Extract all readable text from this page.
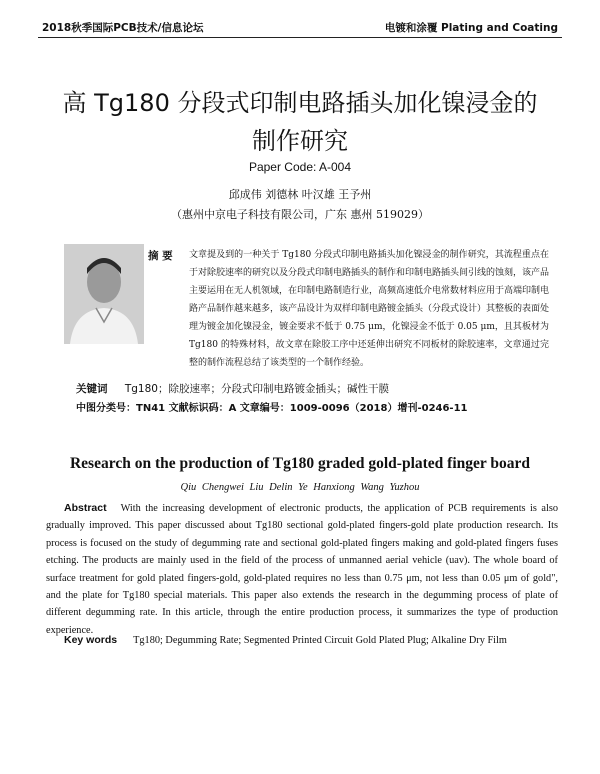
2018秋季国际PCB技术/信息论坛	电镀和涂覆 Plating and Coating
高 Tg180 分段式印制电路插头加化镍浸金的
制作研究
Paper Code: A-004
邱成伟 刘德林 叶汉雄 王予州
（惠州中京电子科技有限公司，广东 惠州 519029）
摘 要 文章提及到的一种关于 Tg180 分段式印制电路插头加化镍浸金的制作研究，其流程重点在于对除胶速率的研究以及分段式印制电路插头的制作和印制电路插头间引线的蚀刻，该产品主要运用在无人机领域，在印制电路制造行业，高频高速低介电常数材料应用于高端印制电路产品制作越来越多，该产品设计为双样印制电路镀金插头（分段式设计）其整板的表面处理为镀金加化镍浸金，镀金要求不低于 0.75 μm，化镍浸金不低于 0.05 μm，且其板材为 Tg180 的特殊材料，故文章在除胶工序中还延伸出研究不同板材的除胶速率，文章通过完整的制作流程总结了该类型的一个制作经验。
关键词 Tg180；除胶速率；分段式印制电路镀金插头；碱性干膜
中图分类号：TN41 文献标识码：A 文章编号：1009-0096（2018）增刊-0246-11
Research on the production of Tg180 graded gold-plated finger board
Qiu Chengwei Liu Delin Ye Hanxiong Wang Yuzhou
Abstract With the increasing development of electronic products, the application of PCB requirements is also gradually improved. This paper discussed about Tg180 sectional gold-plated fingers-gold plate production research. Its process is focused on the study of degumming rate and sectional gold-plated fingers making and gold-plated fingers fuses etching. The products are mainly used in the field of the process of unmanned aerial vehicle (uav). The whole board of surface treatment for gold plated fingers-gold, gold-plated requires no less than 0.75 μm, not less than 0.05 μm of gold", and the plate for Tg180 special materials. This paper also extends the research in the degumming process of plate of different degumming rate. In this article, through the entire production process, it summarizes the type of production experience.
Key words Tg180; Degumming Rate; Segmented Printed Circuit Gold Plated Plug; Alkaline Dry Film
